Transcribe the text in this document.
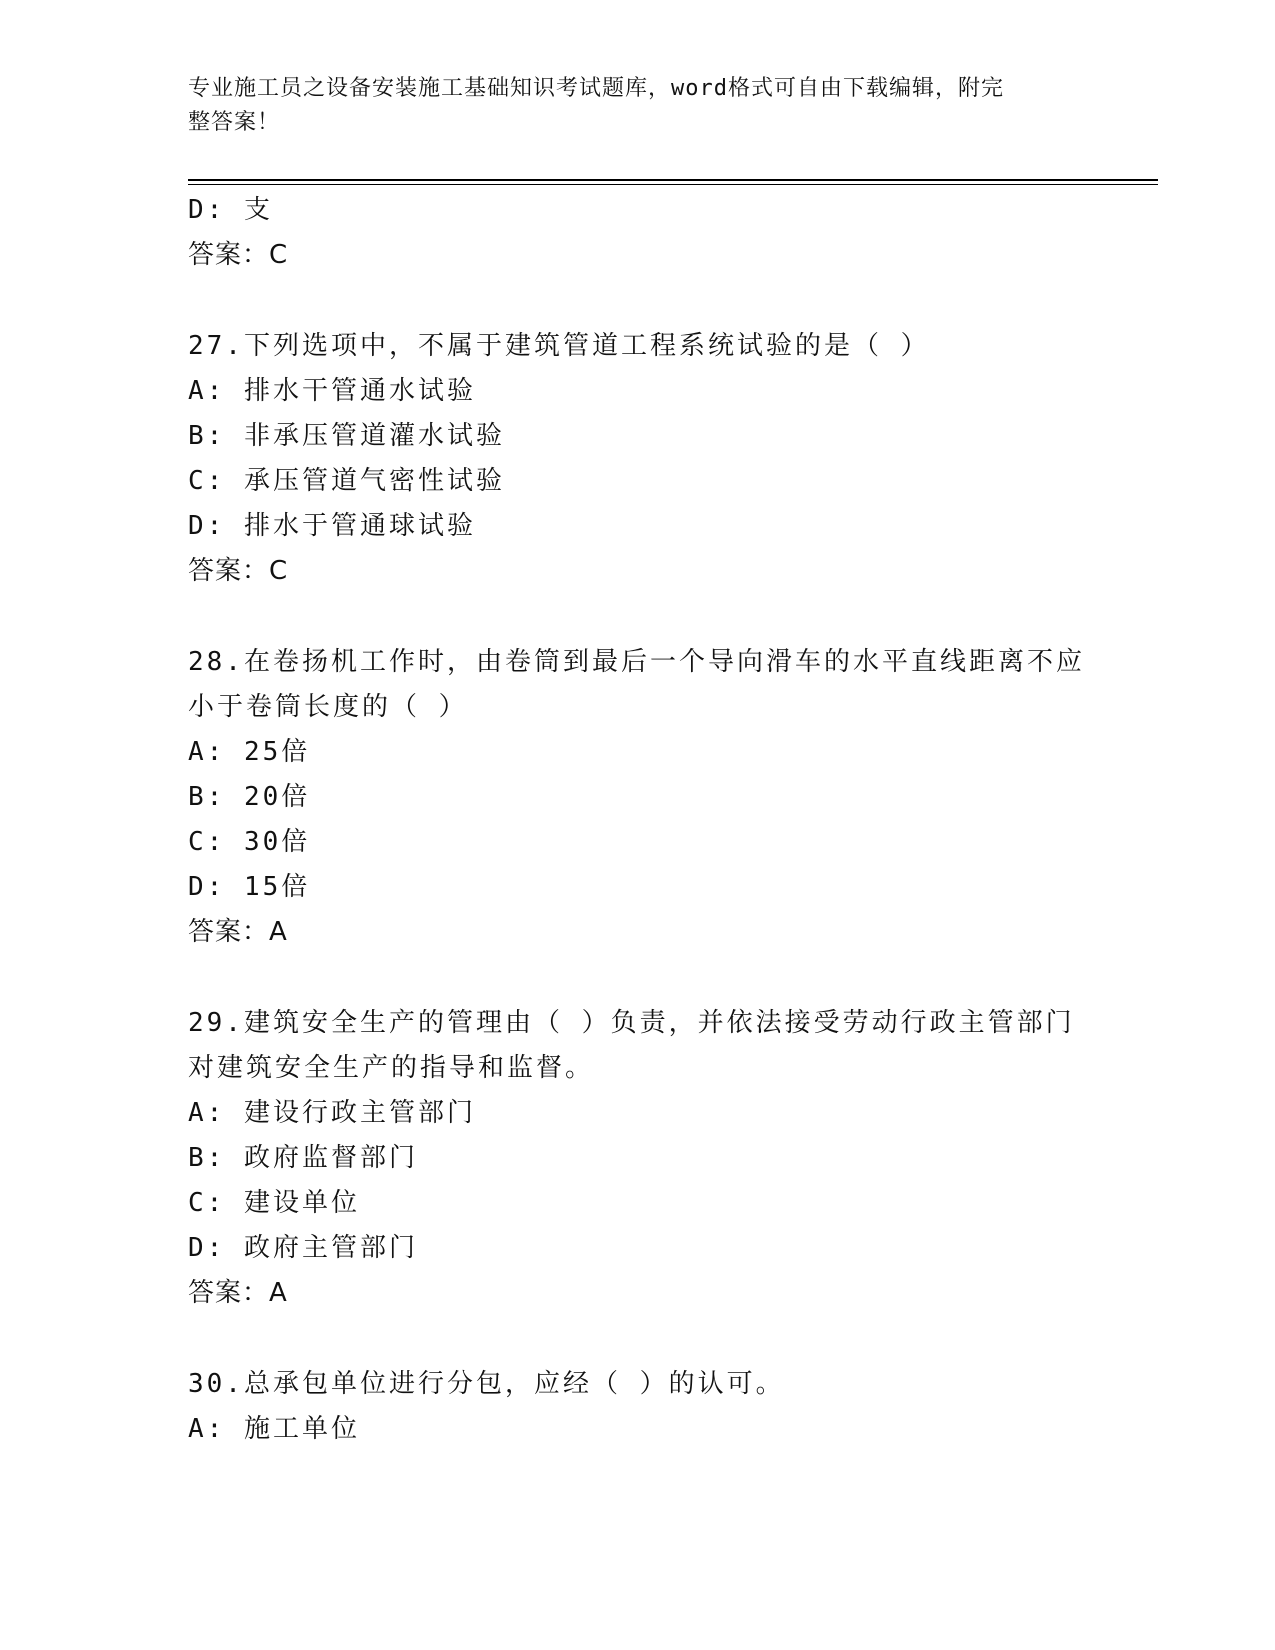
专业施工员之设备安装施工基础知识考试题库，word格式可自由下载编辑，附完
整答案！
D: 支
答案：C
27.下列选项中，不属于建筑管道工程系统试验的是（ ）
A: 排水干管通水试验
B: 非承压管道灌水试验
C: 承压管道气密性试验
D: 排水于管通球试验
答案：C
28.在卷扬机工作时，由卷筒到最后一个导向滑车的水平直线距离不应
小于卷筒长度的（ ）
A: 25倍
B: 20倍
C: 30倍
D: 15倍
答案：A
29.建筑安全生产的管理由（ ）负责，并依法接受劳动行政主管部门
对建筑安全生产的指导和监督。
A: 建设行政主管部门
B: 政府监督部门
C: 建设单位
D: 政府主管部门
答案：A
30.总承包单位进行分包，应经（ ）的认可。
A: 施工单位
